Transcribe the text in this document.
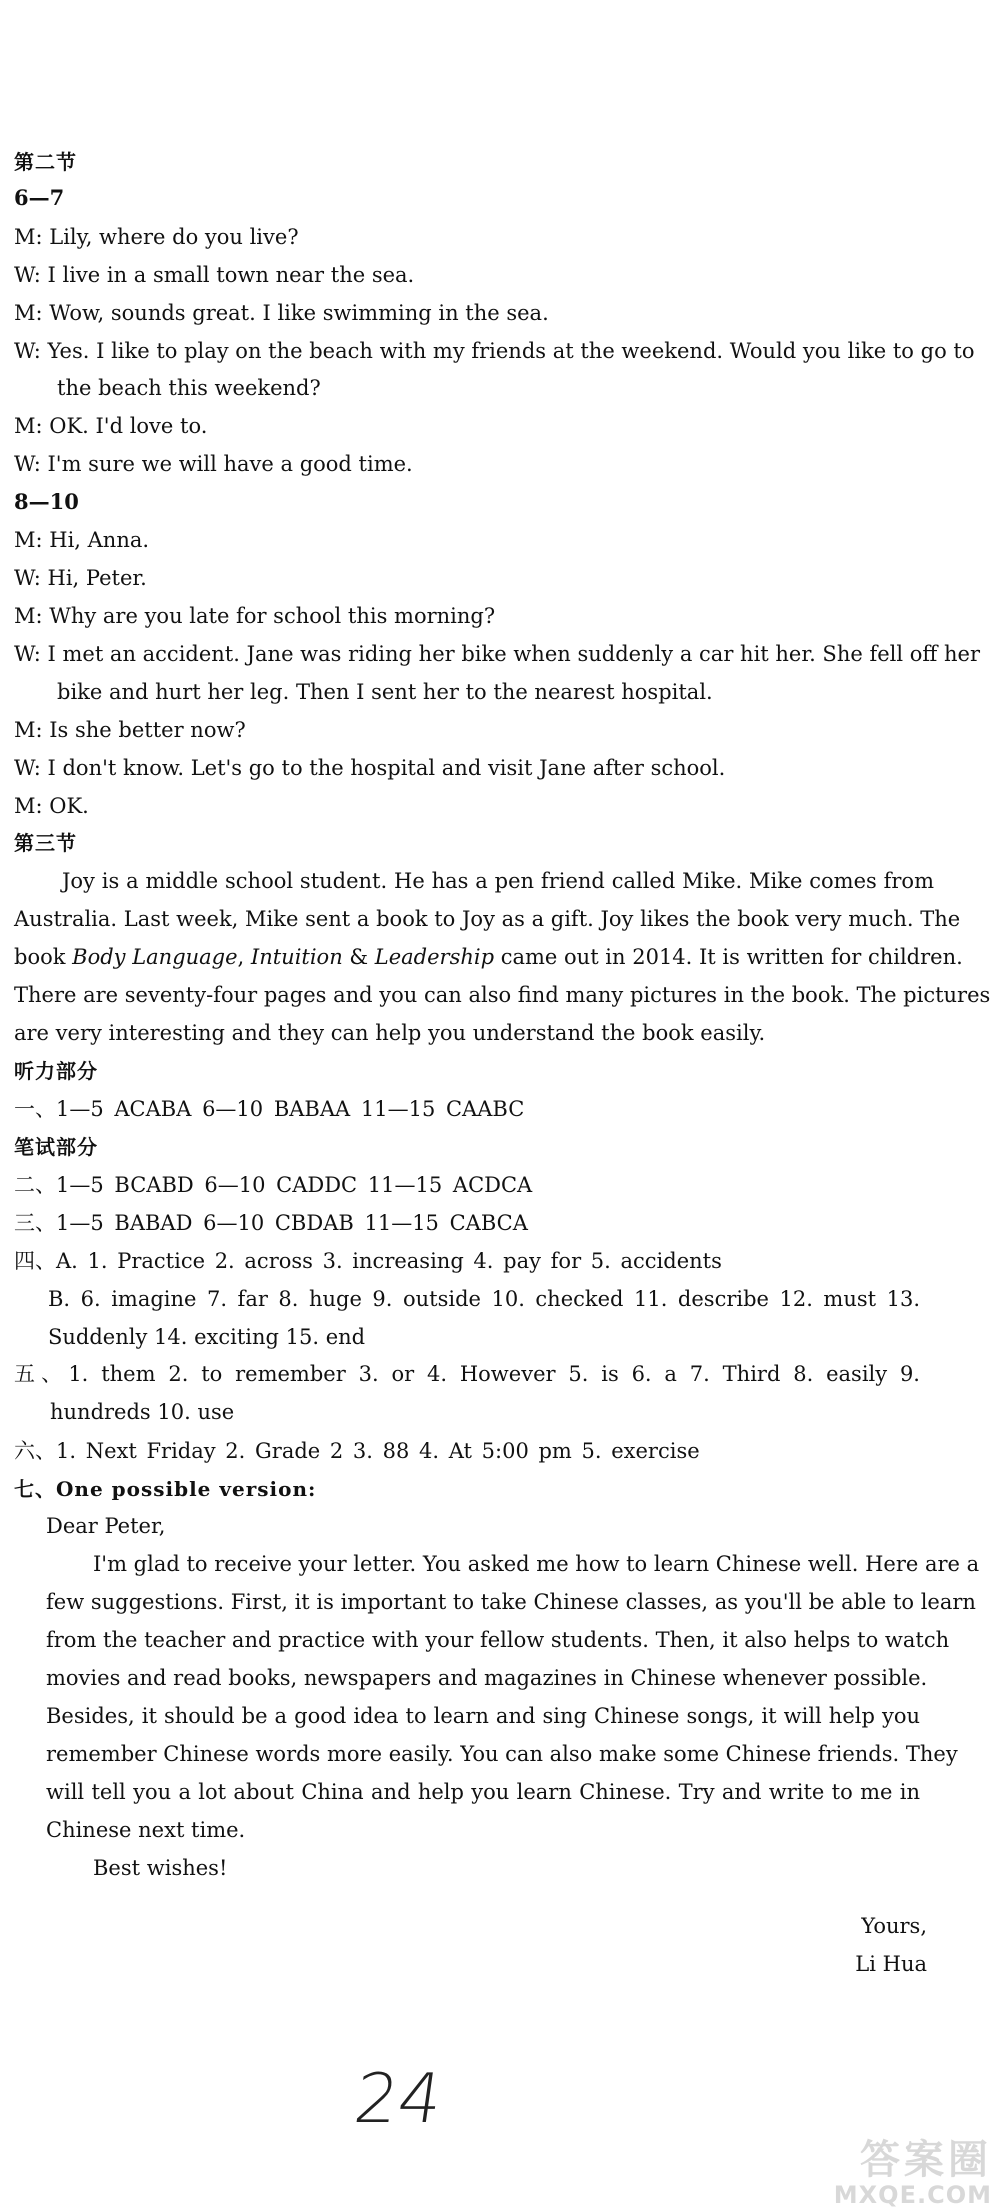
第二节
6—7
M: Lily, where do you live?
W: I live in a small town near the sea.
M: Wow, sounds great. I like swimming in the sea.
W: Yes. I like to play on the beach with my friends at the weekend. Would you like to go to
the beach this weekend?
M: OK. I'd love to.
W: I'm sure we will have a good time.
8—10
M: Hi, Anna.
W: Hi, Peter.
M: Why are you late for school this morning?
W: I met an accident. Jane was riding her bike when suddenly a car hit her. She fell off her
bike and hurt her leg. Then I sent her to the nearest hospital.
M: Is she better now?
W: I don't know. Let's go to the hospital and visit Jane after school.
M: OK.
第三节
Joy is a middle school student. He has a pen friend called Mike. Mike comes from
Australia. Last week, Mike sent a book to Joy as a gift. Joy likes the book very much. The
book Body Language, Intuition & Leadership came out in 2014. It is written for children.
There are seventy-four pages and you can also find many pictures in the book. The pictures
are very interesting and they can help you understand the book easily.
听力部分
一、1—5 ACABA 6—10 BABAA 11—15 CAABC
笔试部分
二、1—5 BCABD 6—10 CADDC 11—15 ACDCA
三、1—5 BABAD 6—10 CBDAB 11—15 CABCA
四、A. 1. Practice 2. across 3. increasing 4. pay for 5. accidents
B. 6. imagine 7. far 8. huge 9. outside 10. checked 11. describe 12. must 13.
Suddenly 14. exciting 15. end
五、1. them 2. to remember 3. or 4. However 5. is 6. a 7. Third 8. easily 9.
hundreds 10. use
六、1. Next Friday 2. Grade 2 3. 88 4. At 5:00 pm 5. exercise
七、One possible version:
Dear Peter,
I'm glad to receive your letter. You asked me how to learn Chinese well. Here are a
few suggestions. First, it is important to take Chinese classes, as you'll be able to learn
from the teacher and practice with your fellow students. Then, it also helps to watch
movies and read books, newspapers and magazines in Chinese whenever possible.
Besides, it should be a good idea to learn and sing Chinese songs, it will help you
remember Chinese words more easily. You can also make some Chinese friends. They
will tell you a lot about China and help you learn Chinese. Try and write to me in
Chinese next time.
Best wishes!
Yours,
Li Hua
24
答案圈
MXQE.COM
